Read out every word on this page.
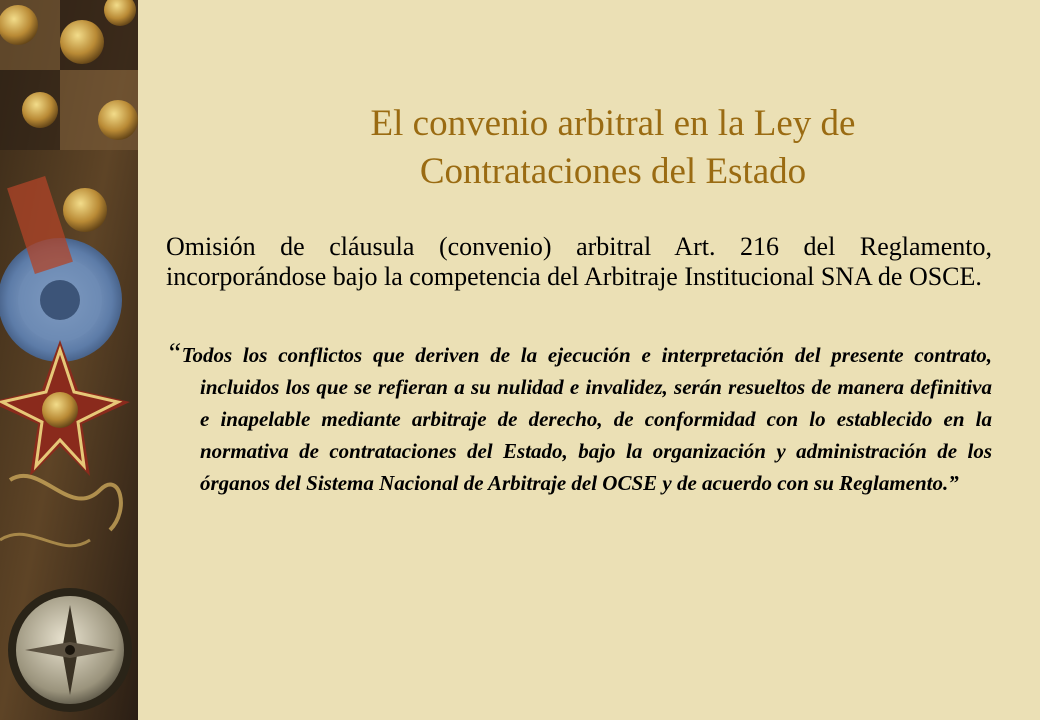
El convenio arbitral en la Ley de
Contrataciones del Estado
Omisión de cláusula (convenio) arbitral Art. 216 del Reglamento, incorporándose bajo la competencia del Arbitraje Institucional SNA de OSCE.
“Todos los conflictos que deriven de la ejecución e interpretación del presente contrato, incluidos los que se refieran a su nulidad e invalidez, serán resueltos de manera definitiva e inapelable mediante arbitraje de derecho, de conformidad con lo establecido en la normativa de contrataciones del Estado, bajo la organización y administración de los órganos del Sistema Nacional de Arbitraje del OCSE y de acuerdo con su Reglamento.”
